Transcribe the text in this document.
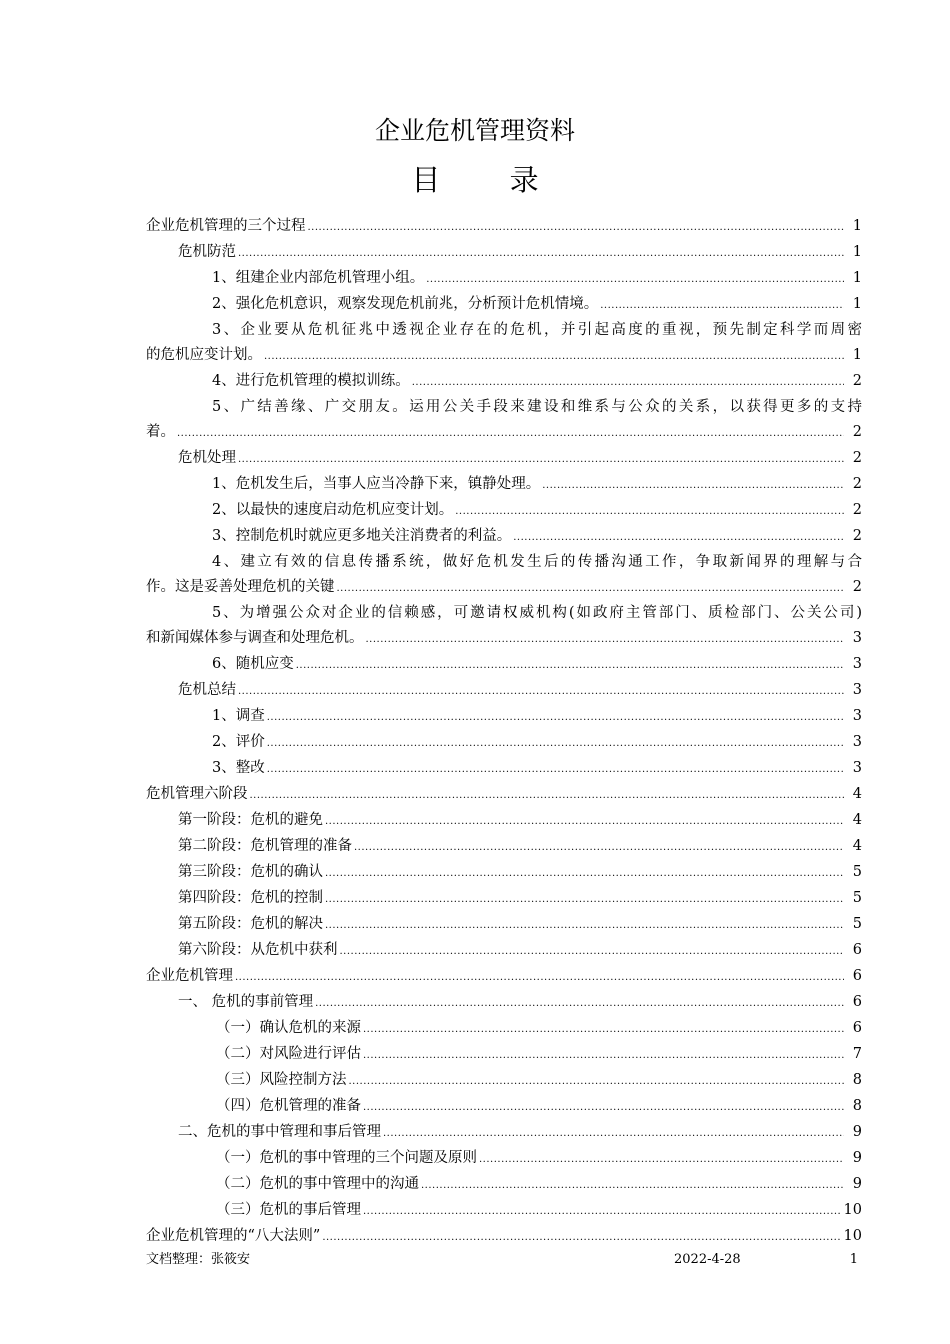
企业危机管理资料
目 录
企业危机管理的三个过程 .....	1
危机防范 .....	1
1、组建企业内部危机管理小组。 .....	1
2、强化危机意识，观察发现危机前兆，分析预计危机情境。 .....	1
3、企业要从危机征兆中透视企业存在的危机，并引起高度的重视，预先制定科学而周密
的危机应变计划。 .....	1
4、进行危机管理的模拟训练。 .....	2
5、广结善缘、广交朋友。运用公关手段来建设和维系与公众的关系，以获得更多的支持
着。 .....	2
危机处理 .....	2
1、危机发生后，当事人应当冷静下来，镇静处理。 .....	2
2、以最快的速度启动危机应变计划。 .....	2
3、控制危机时就应更多地关注消费者的利益。 .....	2
4、建立有效的信息传播系统，做好危机发生后的传播沟通工作，争取新闻界的理解与合
作。这是妥善处理危机的关键 .....	2
5、为增强公众对企业的信赖感，可邀请权威机构(如政府主管部门、质检部门、公关公司)
和新闻媒体参与调查和处理危机。 .....	3
6、随机应变 .....	3
危机总结 .....	3
1、调查 .....	3
2、评价 .....	3
3、整改 .....	3
危机管理六阶段 .....	4
第一阶段：危机的避免 .....	4
第二阶段：危机管理的准备 .....	4
第三阶段：危机的确认 .....	5
第四阶段：危机的控制 .....	5
第五阶段：危机的解决 .....	5
第六阶段：从危机中获利 .....	6
企业危机管理 .....	6
一、 危机的事前管理 .....	6
（一）确认危机的来源 .....	6
（二）对风险进行评估 .....	7
（三）风险控制方法 .....	8
（四）危机管理的准备 .....	8
二、危机的事中管理和事后管理 .....	9
（一）危机的事中管理的三个问题及原则 .....	9
（二）危机的事中管理中的沟通 .....	9
（三）危机的事后管理 .....	10
企业危机管理的“八大法则” .....	10
文档整理：张筱安	2022-4-28	1
